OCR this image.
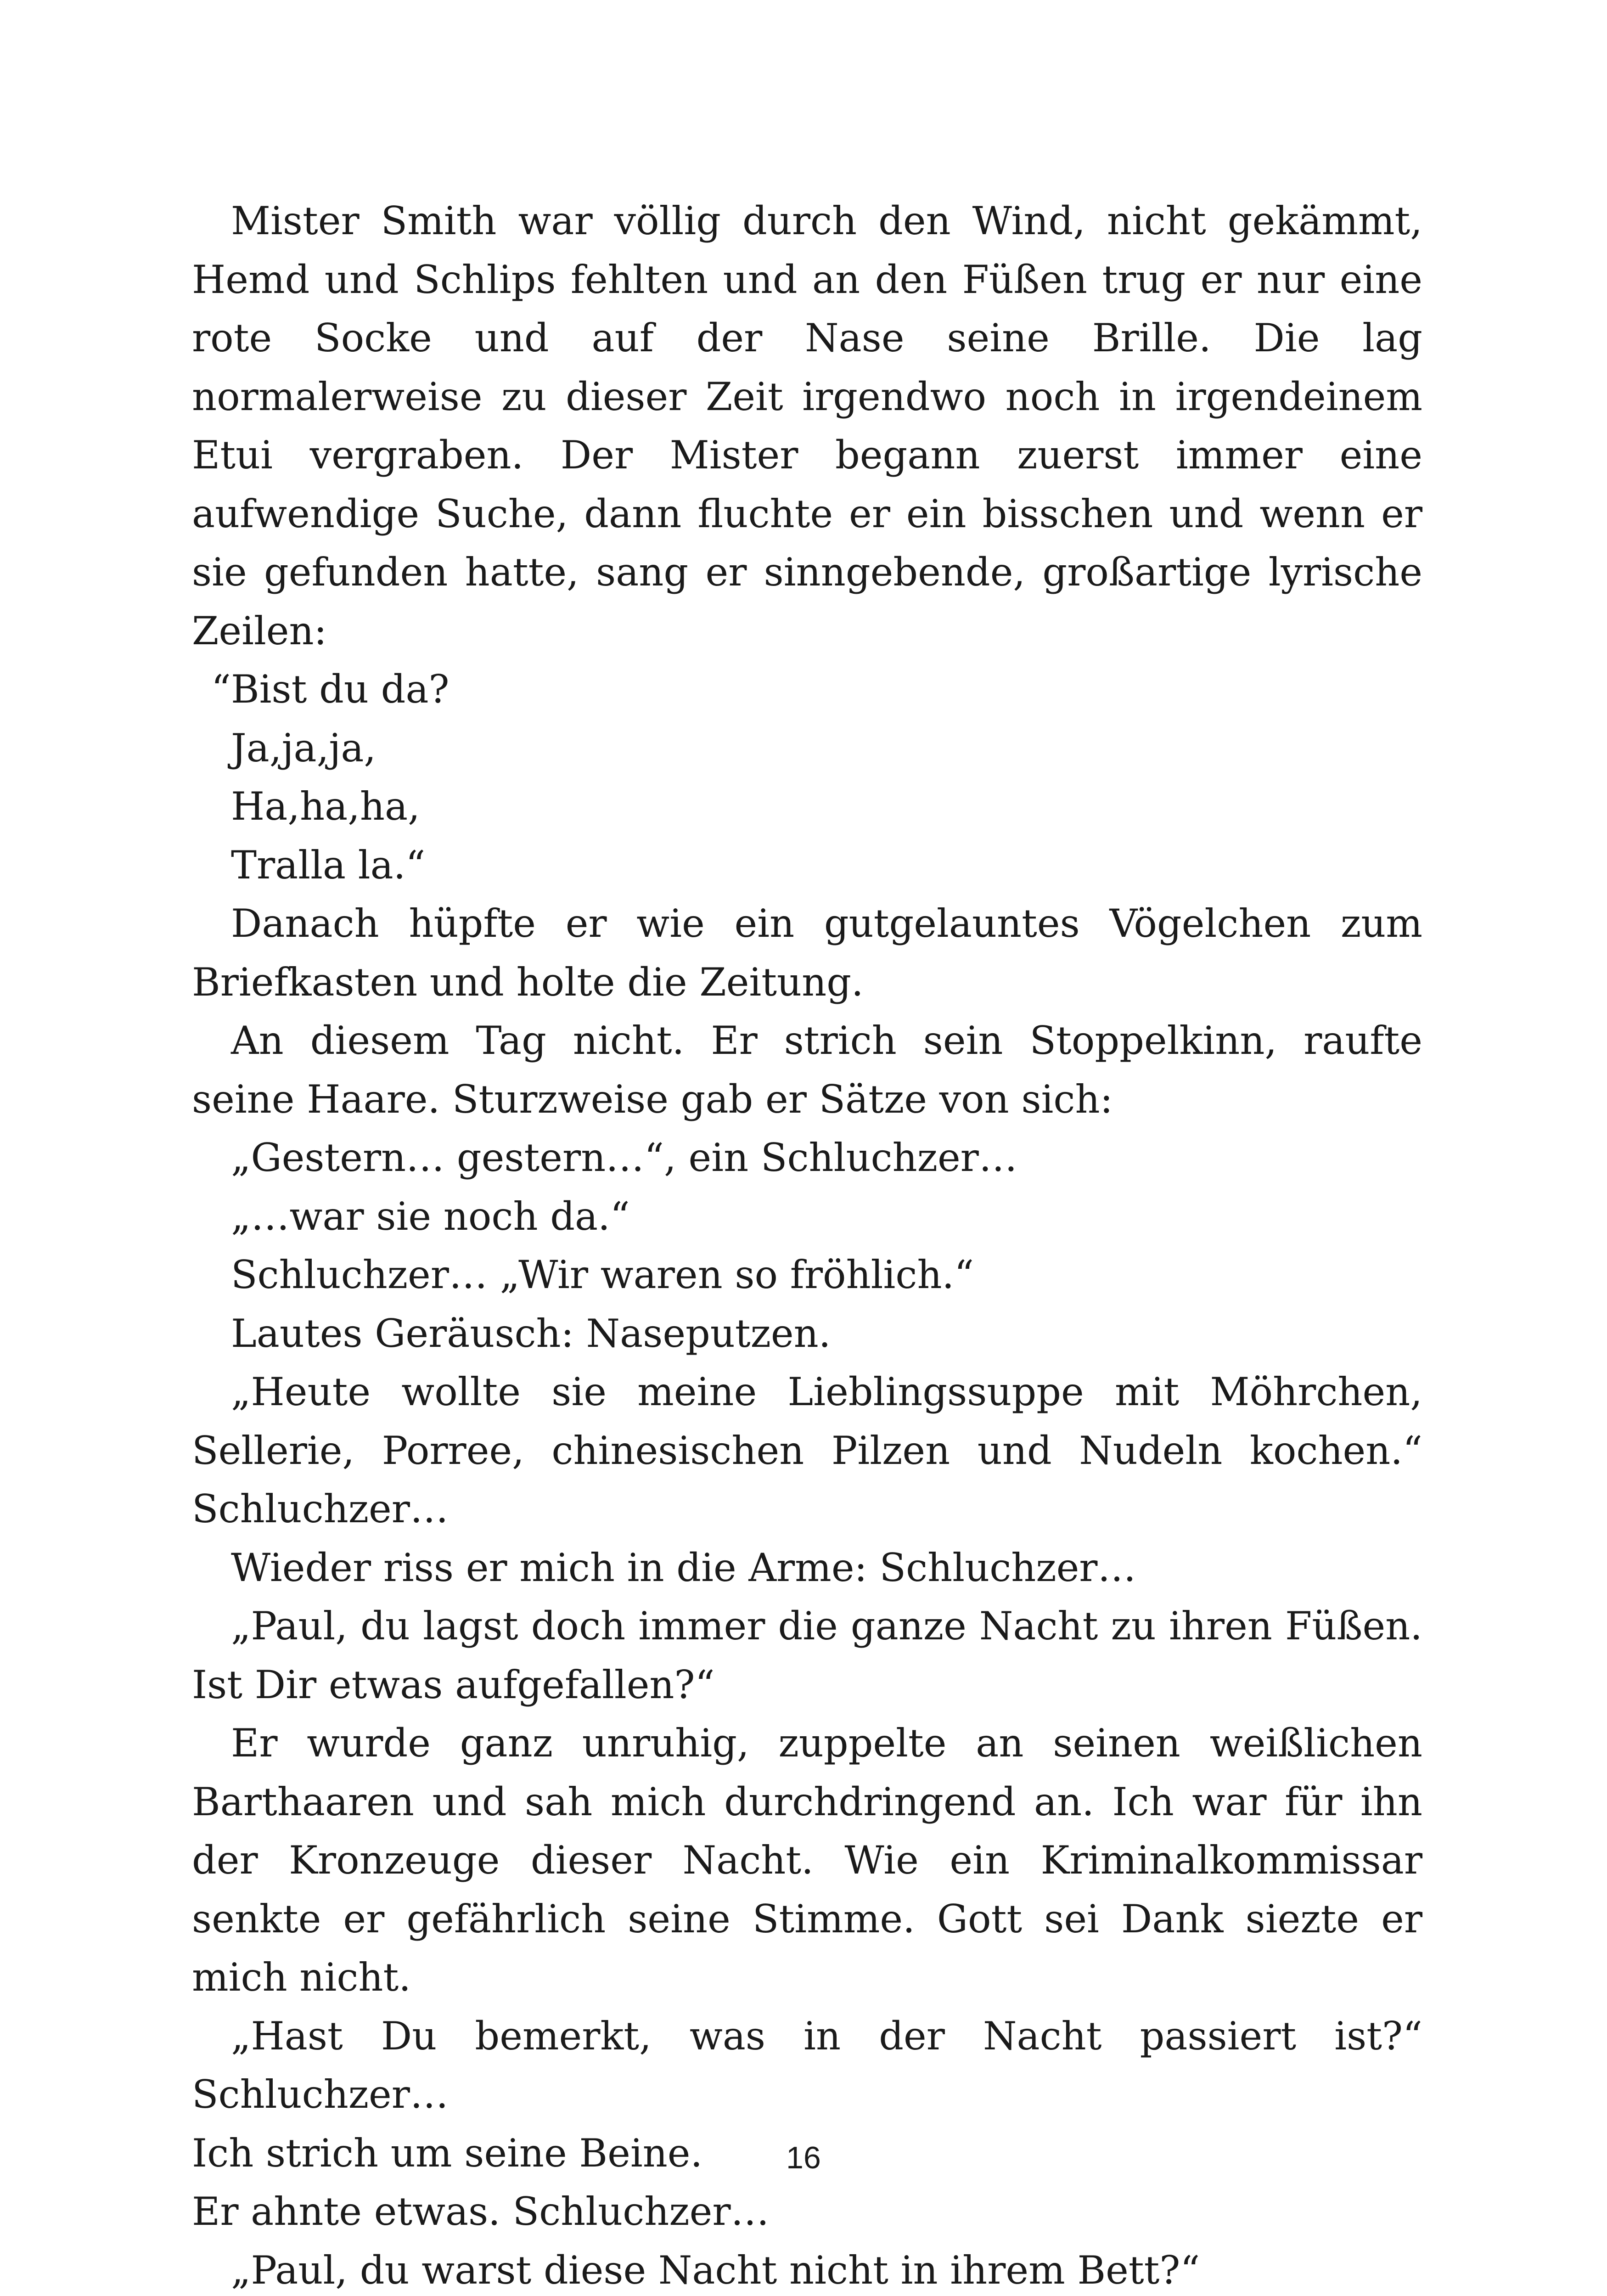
Mister Smith war völlig durch den Wind, nicht gekämmt, Hemd und Schlips fehlten und an den Füßen trug er nur eine rote Socke und auf der Nase seine Brille. Die lag normalerweise zu dieser Zeit irgendwo noch in irgendeinem Etui vergraben. Der Mister begann zuerst immer eine aufwendige Suche, dann fluchte er ein bisschen und wenn er sie gefunden hatte, sang er sinngebende, großartige lyrische Zeilen:

“Bist du da?

Ja,ja,ja,

Ha,ha,ha,

Tralla la.“

Danach hüpfte er wie ein gutgelauntes Vögelchen zum Briefkasten und holte die Zeitung.

An diesem Tag nicht. Er strich sein Stoppelkinn, raufte seine Haare. Sturzweise gab er Sätze von sich:

„Gestern… gestern…“, ein Schluchzer…

„…war sie noch da.“

Schluchzer… „Wir waren so fröhlich.“

Lautes Geräusch: Naseputzen.

„Heute wollte sie meine Lieblingssuppe mit Möhrchen, Sellerie, Porree, chinesischen Pilzen und Nudeln kochen.“ Schluchzer…

Wieder riss er mich in die Arme: Schluchzer…

„Paul, du lagst doch immer die ganze Nacht zu ihren Füßen. Ist Dir etwas aufgefallen?“

Er wurde ganz unruhig, zuppelte an seinen weißlichen Barthaaren und sah mich durchdringend an. Ich war für ihn der Kronzeuge dieser Nacht. Wie ein Kriminalkommissar senkte er gefährlich seine Stimme. Gott sei Dank siezte er mich nicht.

„Hast Du bemerkt, was in der Nacht passiert ist?“ Schluchzer…

Ich strich um seine Beine.

Er ahnte etwas. Schluchzer…

„Paul, du warst diese Nacht nicht in ihrem Bett?“

16
